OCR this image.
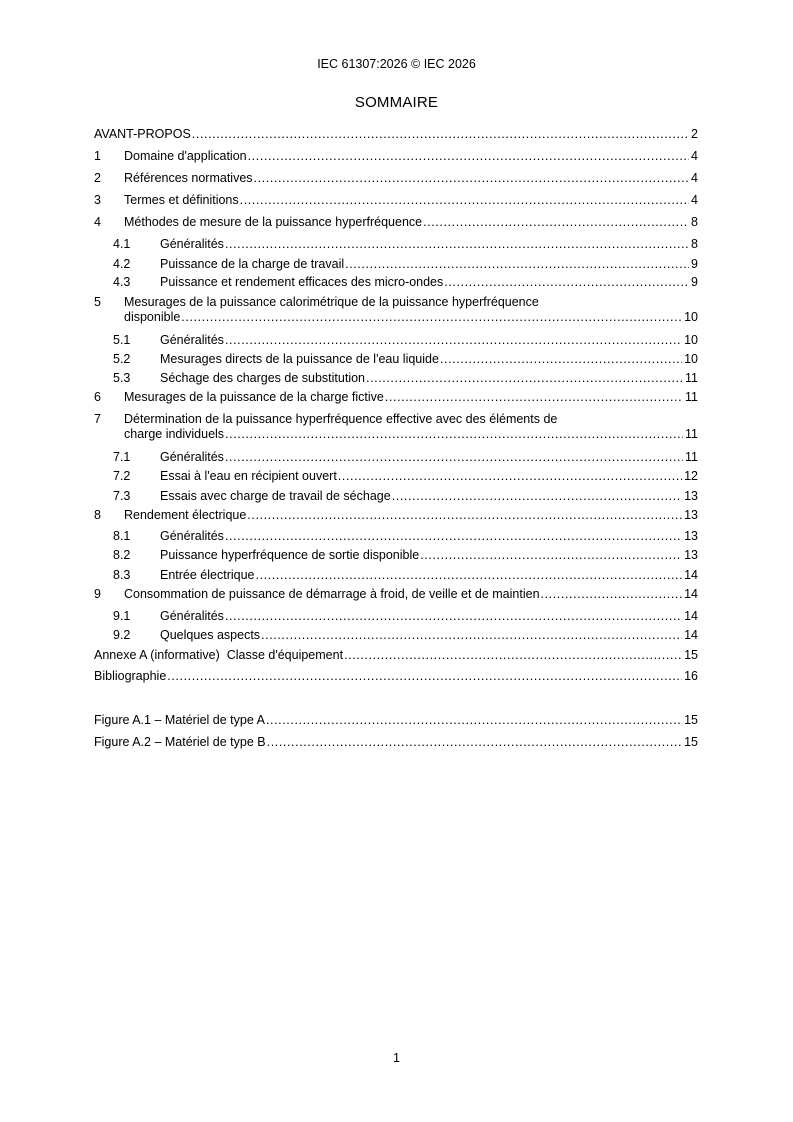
IEC 61307:2026 © IEC 2026
SOMMAIRE
AVANT-PROPOS .....	2
1	Domaine d'application .....	4
2	Références normatives .....	4
3	Termes et définitions .....	4
4	Méthodes de mesure de la puissance hyperfréquence .....	8
4.1	Généralités .....	8
4.2	Puissance de la charge de travail .....	9
4.3	Puissance et rendement efficaces des micro-ondes .....	9
5	Mesurages de la puissance calorimétrique de la puissance hyperfréquence
disponible .....	10
5.1	Généralités .....	10
5.2	Mesurages directs de la puissance de l'eau liquide .....	10
5.3	Séchage des charges de substitution .....	11
6	Mesurages de la puissance de la charge fictive .....	11
7	Détermination de la puissance hyperfréquence effective avec des éléments de
charge individuels .....	11
7.1	Généralités .....	11
7.2	Essai à l'eau en récipient ouvert .....	12
7.3	Essais avec charge de travail de séchage .....	13
8	Rendement électrique .....	13
8.1	Généralités .....	13
8.2	Puissance hyperfréquence de sortie disponible .....	13
8.3	Entrée électrique .....	14
9	Consommation de puissance de démarrage à froid, de veille et de maintien .....	14
9.1	Généralités .....	14
9.2	Quelques aspects .....	14
Annexe A (informative)  Classe d'équipement .....	15
Bibliographie .....	16
Figure A.1 – Matériel de type A .....	15
Figure A.2 – Matériel de type B .....	15
1
